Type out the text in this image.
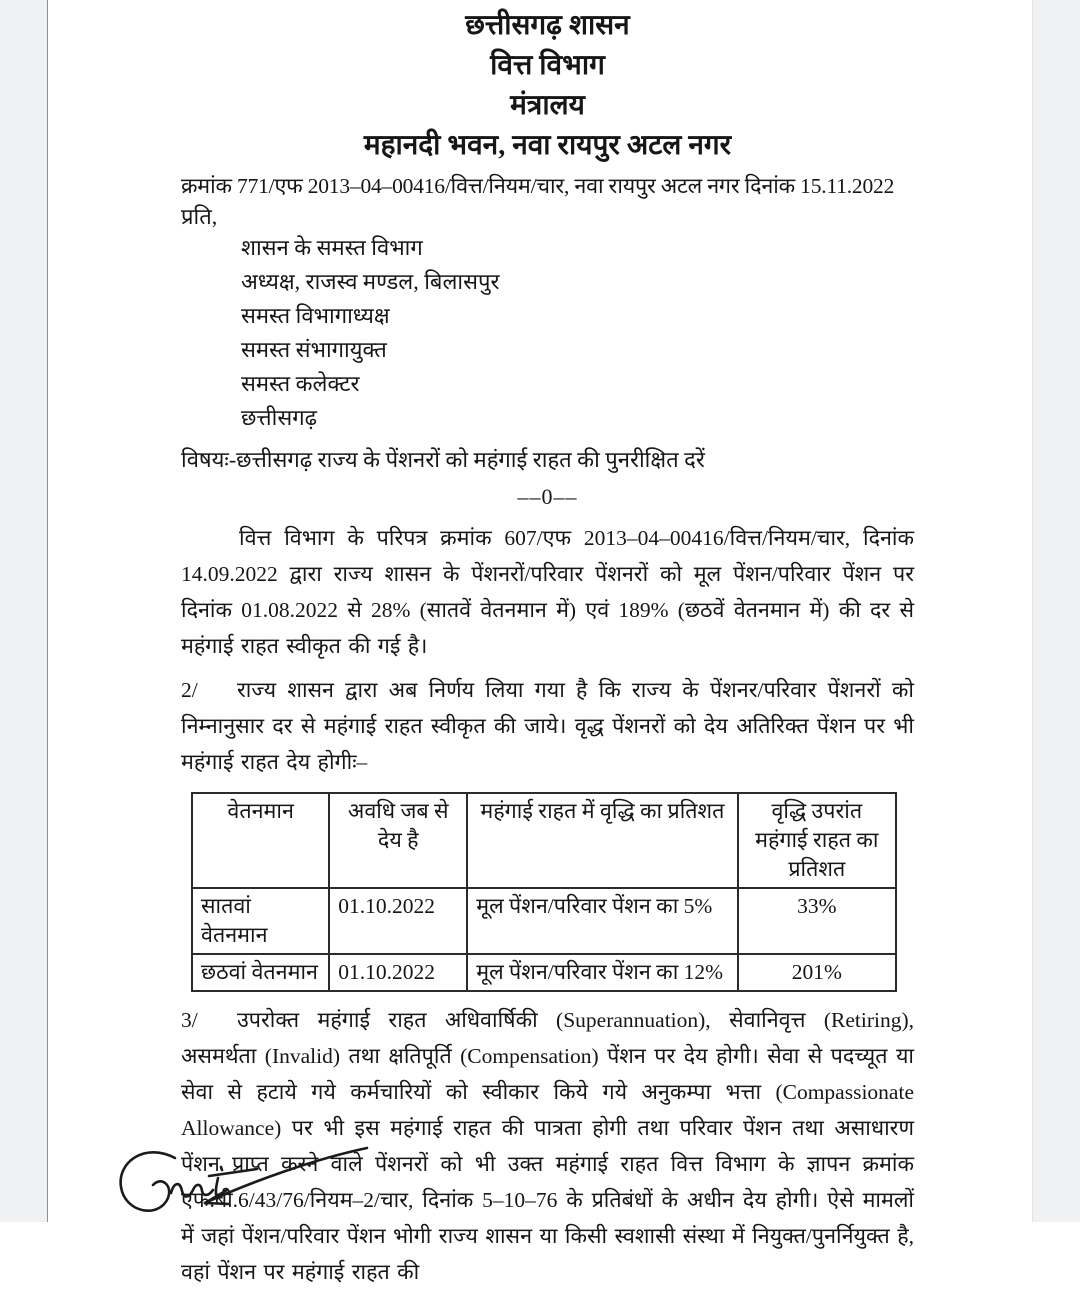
छत्तीसगढ़ शासन
वित्त विभाग
मंत्रालय
महानदी भवन, नवा रायपुर अटल नगर
क्रमांक 771/एफ 2013–04–00416/वित्त/नियम/चार, नवा रायपुर अटल नगर दिनांक 15.11.2022
प्रति,
शासन के समस्त विभाग
अध्यक्ष, राजस्व मण्डल, बिलासपुर
समस्त विभागाध्यक्ष
समस्त संभागायुक्त
समस्त कलेक्टर
छत्तीसगढ़
विषयः-छत्तीसगढ़ राज्य के पेंशनरों को महंगाई राहत की पुनरीक्षित दरें
––0––

वित्त विभाग के परिपत्र क्रमांक 607/एफ 2013–04–00416/वित्त/नियम/चार, दिनांक 14.09.2022 द्वारा राज्य शासन के पेंशनरों/परिवार पेंशनरों को मूल पेंशन/परिवार पेंशन पर दिनांक 01.08.2022 से 28% (सातवें वेतनमान में) एवं 189% (छठवें वेतनमान में) की दर से महंगाई राहत स्वीकृत की गई है।

2/ राज्य शासन द्वारा अब निर्णय लिया गया है कि राज्य के पेंशनर/परिवार पेंशनरों को निम्नानुसार दर से महंगाई राहत स्वीकृत की जाये। वृद्ध पेंशनरों को देय अतिरिक्त पेंशन पर भी महंगाई राहत देय होगीः–

वेतनमान	अवधि जब से देय है	महंगाई राहत में वृद्धि का प्रतिशत	वृद्धि उपरांत महंगाई राहत का प्रतिशत
सातवां वेतनमान	01.10.2022	मूल पेंशन/परिवार पेंशन का 5%	33%
छठवां वेतनमान	01.10.2022	मूल पेंशन/परिवार पेंशन का 12%	201%

3/ उपरोक्त महंगाई राहत अधिवार्षिकी (Superannuation), सेवानिवृत्त (Retiring), असमर्थता (Invalid) तथा क्षतिपूर्ति (Compensation) पेंशन पर देय होगी। सेवा से पदच्यूत या सेवा से हटाये गये कर्मचारियों को स्वीकार किये गये अनुकम्पा भत्ता (Compassionate Allowance) पर भी इस महंगाई राहत की पात्रता होगी तथा परिवार पेंशन तथा असाधारण पेंशन प्राप्त करने वाले पेंशनरों को भी उक्त महंगाई राहत वित्त विभाग के ज्ञापन क्रमांक एफ.बी.6/43/76/नियम–2/चार, दिनांक 5–10–76 के प्रतिबंधों के अधीन देय होगी। ऐसे मामलों में जहां पेंशन/परिवार पेंशन भोगी राज्य शासन या किसी स्वशासी संस्था में नियुक्त/पुनर्नियुक्त है, वहां पेंशन पर महंगाई राहत की
